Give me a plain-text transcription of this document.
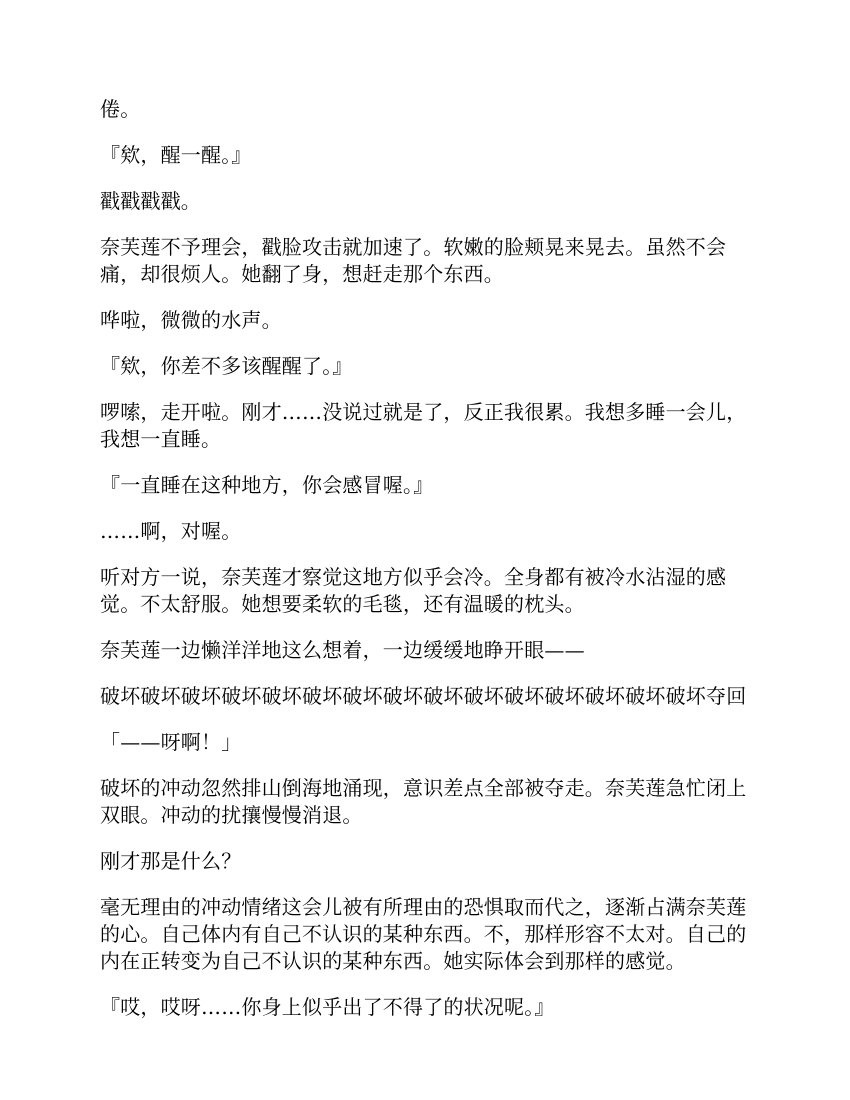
倦。

『欸，醒一醒。』

戳戳戳戳。

奈芙莲不予理会，戳脸攻击就加速了。软嫩的脸颊晃来晃去。虽然不会痛，却很烦人。她翻了身，想赶走那个东西。

哗啦，微微的水声。

『欸，你差不多该醒醒了。』

啰嗦，走开啦。刚才……没说过就是了，反正我很累。我想多睡一会儿，我想一直睡。

『一直睡在这种地方，你会感冒喔。』

……啊，对喔。

听对方一说，奈芙莲才察觉这地方似乎会冷。全身都有被冷水沾湿的感觉。不太舒服。她想要柔软的毛毯，还有温暖的枕头。

奈芙莲一边懒洋洋地这么想着，一边缓缓地睁开眼——

破坏破坏破坏破坏破坏破坏破坏破坏破坏破坏破坏破坏破坏破坏破坏夺回

「——呀啊！」

破坏的冲动忽然排山倒海地涌现，意识差点全部被夺走。奈芙莲急忙闭上双眼。冲动的扰攘慢慢消退。

刚才那是什么？

毫无理由的冲动情绪这会儿被有所理由的恐惧取而代之，逐渐占满奈芙莲的心。自己体内有自己不认识的某种东西。不，那样形容不太对。自己的内在正转变为自己不认识的某种东西。她实际体会到那样的感觉。

『哎，哎呀……你身上似乎出了不得了的状况呢。』
